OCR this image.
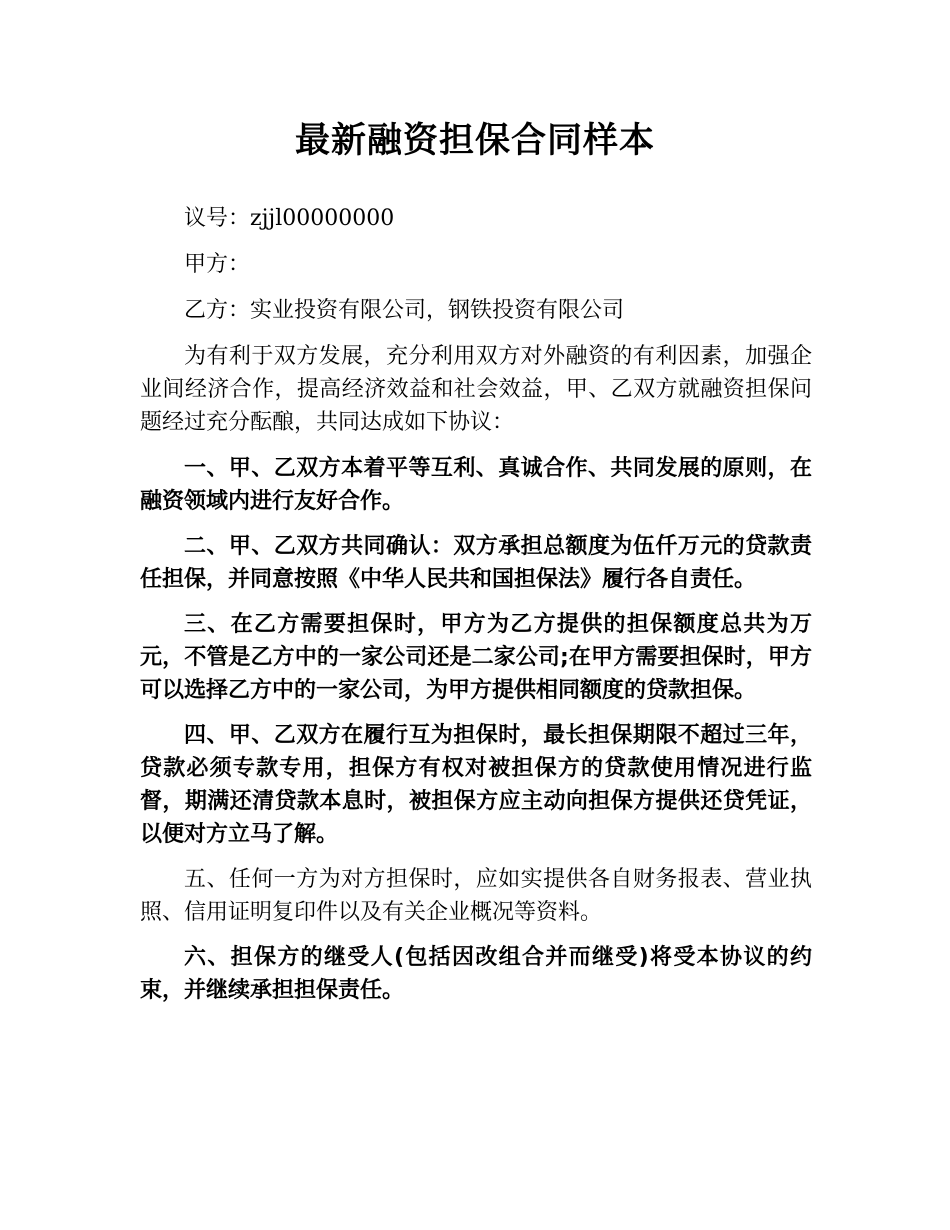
最新融资担保合同样本

议号：zjjl00000000

甲方：

乙方：实业投资有限公司，钢铁投资有限公司

为有利于双方发展，充分利用双方对外融资的有利因素，加强企业间经济合作，提高经济效益和社会效益，甲、乙双方就融资担保问题经过充分酝酿，共同达成如下协议：

一、甲、乙双方本着平等互利、真诚合作、共同发展的原则，在融资领域内进行友好合作。

二、甲、乙双方共同确认：双方承担总额度为伍仟万元的贷款责任担保，并同意按照《中华人民共和国担保法》履行各自责任。

三、在乙方需要担保时，甲方为乙方提供的担保额度总共为万元，不管是乙方中的一家公司还是二家公司;在甲方需要担保时，甲方可以选择乙方中的一家公司，为甲方提供相同额度的贷款担保。

四、甲、乙双方在履行互为担保时，最长担保期限不超过三年，贷款必须专款专用，担保方有权对被担保方的贷款使用情况进行监督，期满还清贷款本息时，被担保方应主动向担保方提供还贷凭证，以便对方立马了解。

五、任何一方为对方担保时，应如实提供各自财务报表、营业执照、信用证明复印件以及有关企业概况等资料。

六、担保方的继受人(包括因改组合并而继受)将受本协议的约束，并继续承担担保责任。
